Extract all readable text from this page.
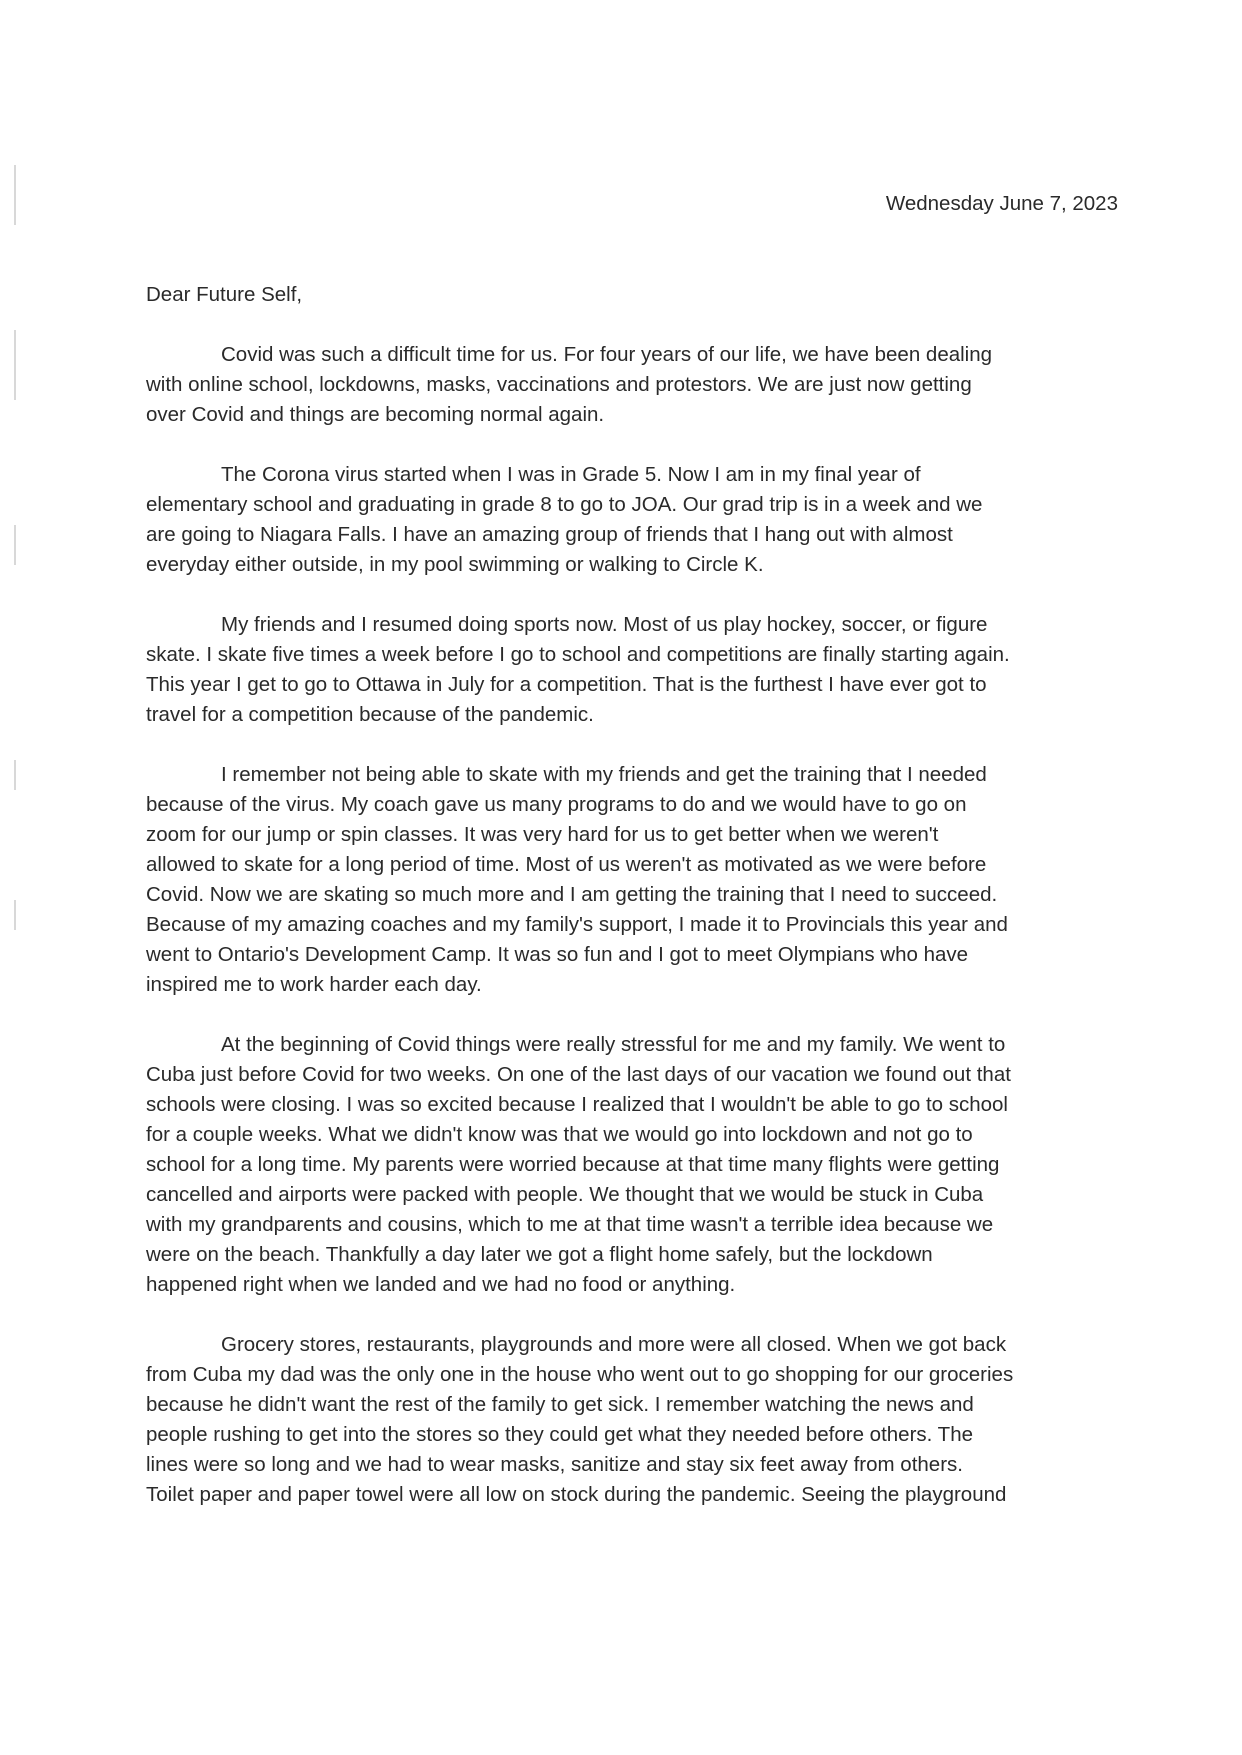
Wednesday June 7, 2023

Dear Future Self,

Covid was such a difficult time for us. For four years of our life, we have been dealing
with online school, lockdowns, masks, vaccinations and protestors. We are just now getting
over Covid and things are becoming normal again.

The Corona virus started when I was in Grade 5. Now I am in my final year of
elementary school and graduating in grade 8 to go to JOA. Our grad trip is in a week and we
are going to Niagara Falls. I have an amazing group of friends that I hang out with almost
everyday either outside, in my pool swimming or walking to Circle K.

My friends and I resumed doing sports now. Most of us play hockey, soccer, or figure
skate. I skate five times a week before I go to school and competitions are finally starting again.
This year I get to go to Ottawa in July for a competition. That is the furthest I have ever got to
travel for a competition because of the pandemic.

I remember not being able to skate with my friends and get the training that I needed
because of the virus. My coach gave us many programs to do and we would have to go on
zoom for our jump or spin classes. It was very hard for us to get better when we weren't
allowed to skate for a long period of time. Most of us weren't as motivated as we were before
Covid. Now we are skating so much more and I am getting the training that I need to succeed.
Because of my amazing coaches and my family's support, I made it to Provincials this year and
went to Ontario's Development Camp. It was so fun and I got to meet Olympians who have
inspired me to work harder each day.

At the beginning of Covid things were really stressful for me and my family. We went to
Cuba just before Covid for two weeks. On one of the last days of our vacation we found out that
schools were closing. I was so excited because I realized that I wouldn't be able to go to school
for a couple weeks. What we didn't know was that we would go into lockdown and not go to
school for a long time. My parents were worried because at that time many flights were getting
cancelled and airports were packed with people. We thought that we would be stuck in Cuba
with my grandparents and cousins, which to me at that time wasn't a terrible idea because we
were on the beach. Thankfully a day later we got a flight home safely, but the lockdown
happened right when we landed and we had no food or anything.

Grocery stores, restaurants, playgrounds and more were all closed. When we got back
from Cuba my dad was the only one in the house who went out to go shopping for our groceries
because he didn't want the rest of the family to get sick. I remember watching the news and
people rushing to get into the stores so they could get what they needed before others. The
lines were so long and we had to wear masks, sanitize and stay six feet away from others.
Toilet paper and paper towel were all low on stock during the pandemic. Seeing the playground
